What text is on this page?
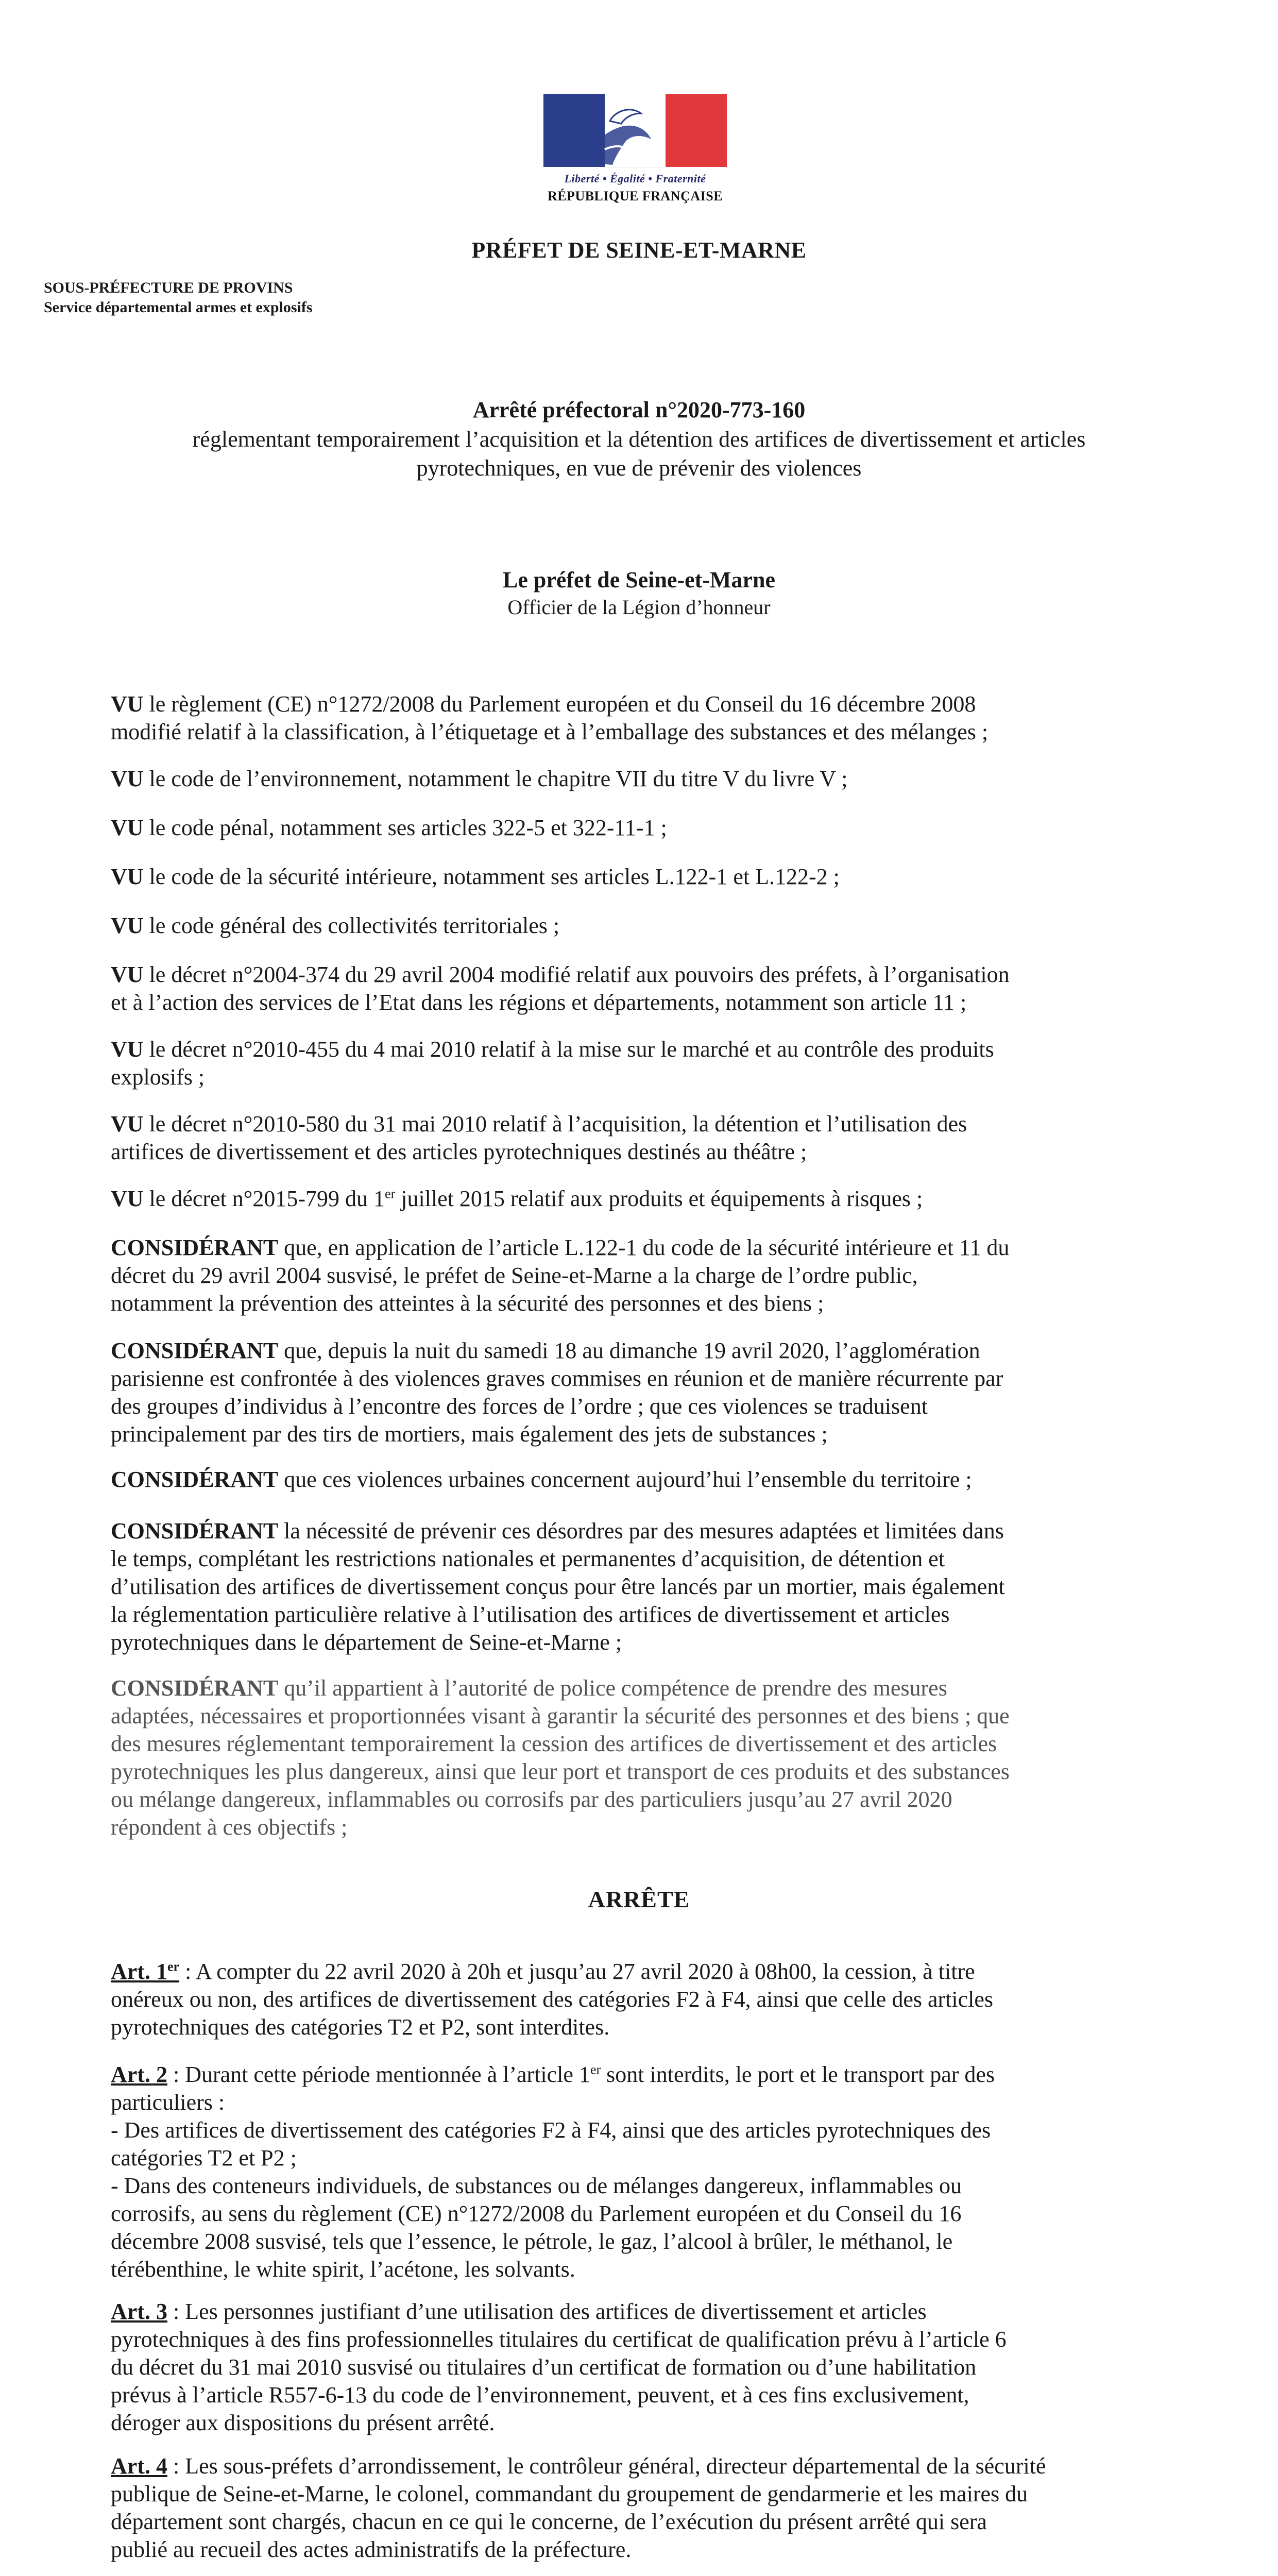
Liberté • Égalité • Fraternité
RÉPUBLIQUE FRANÇAISE
PRÉFET DE SEINE-ET-MARNE
SOUS-PRÉFECTURE DE PROVINS
Service départemental armes et explosifs
Arrêté préfectoral n°2020-773-160
réglementant temporairement l’acquisition et la détention des artifices de divertissement et articles
pyrotechniques, en vue de prévenir des violences
Le préfet de Seine-et-Marne
Officier de la Légion d’honneur
VU le règlement (CE) n°1272/2008 du Parlement européen et du Conseil du 16 décembre 2008
modifié relatif à la classification, à l’étiquetage et à l’emballage des substances et des mélanges ;
VU le code de l’environnement, notamment le chapitre VII du titre V du livre V ;
VU le code pénal, notamment ses articles 322-5 et 322-11-1 ;
VU le code de la sécurité intérieure, notamment ses articles L.122-1 et L.122-2 ;
VU le code général des collectivités territoriales ;
VU le décret n°2004-374 du 29 avril 2004 modifié relatif aux pouvoirs des préfets, à l’organisation
et à l’action des services de l’Etat dans les régions et départements, notamment son article 11 ;
VU le décret n°2010-455 du 4 mai 2010 relatif à la mise sur le marché et au contrôle des produits
explosifs ;
VU le décret n°2010-580 du 31 mai 2010 relatif à l’acquisition, la détention et l’utilisation des
artifices de divertissement et des articles pyrotechniques destinés au théâtre ;
VU le décret n°2015-799 du 1er juillet 2015 relatif aux produits et équipements à risques ;
CONSIDÉRANT que, en application de l’article L.122-1 du code de la sécurité intérieure et 11 du
décret du 29 avril 2004 susvisé, le préfet de Seine-et-Marne a la charge de l’ordre public,
notamment la prévention des atteintes à la sécurité des personnes et des biens ;
CONSIDÉRANT que, depuis la nuit du samedi 18 au dimanche 19 avril 2020, l’agglomération
parisienne est confrontée à des violences graves commises en réunion et de manière récurrente par
des groupes d’individus à l’encontre des forces de l’ordre ; que ces violences se traduisent
principalement par des tirs de mortiers, mais également des jets de substances ;
CONSIDÉRANT que ces violences urbaines concernent aujourd’hui l’ensemble du territoire ;
CONSIDÉRANT la nécessité de prévenir ces désordres par des mesures adaptées et limitées dans
le temps, complétant les restrictions nationales et permanentes d’acquisition, de détention et
d’utilisation des artifices de divertissement conçus pour être lancés par un mortier, mais également
la réglementation particulière relative à l’utilisation des artifices de divertissement et articles
pyrotechniques dans le département de Seine-et-Marne ;
CONSIDÉRANT qu’il appartient à l’autorité de police compétence de prendre des mesures
adaptées, nécessaires et proportionnées visant à garantir la sécurité des personnes et des biens ; que
des mesures réglementant temporairement la cession des artifices de divertissement et des articles
pyrotechniques les plus dangereux, ainsi que leur port et transport de ces produits et des substances
ou mélange dangereux, inflammables ou corrosifs par des particuliers jusqu’au 27 avril 2020
répondent à ces objectifs ;
ARRÊTE
Art. 1er : A compter du 22 avril 2020 à 20h et jusqu’au 27 avril 2020 à 08h00, la cession, à titre
onéreux ou non, des artifices de divertissement des catégories F2 à F4, ainsi que celle des articles
pyrotechniques des catégories T2 et P2, sont interdites.
Art. 2 : Durant cette période mentionnée à l’article 1er sont interdits, le port et le transport par des
particuliers :
- Des artifices de divertissement des catégories F2 à F4, ainsi que des articles pyrotechniques des
catégories T2 et P2 ;
- Dans des conteneurs individuels, de substances ou de mélanges dangereux, inflammables ou
corrosifs, au sens du règlement (CE) n°1272/2008 du Parlement européen et du Conseil du 16
décembre 2008 susvisé, tels que l’essence, le pétrole, le gaz, l’alcool à brûler, le méthanol, le
térébenthine, le white spirit, l’acétone, les solvants.
Art. 3 : Les personnes justifiant d’une utilisation des artifices de divertissement et articles
pyrotechniques à des fins professionnelles titulaires du certificat de qualification prévu à l’article 6
du décret du 31 mai 2010 susvisé ou titulaires d’un certificat de formation ou d’une habilitation
prévus à l’article R557-6-13 du code de l’environnement, peuvent, et à ces fins exclusivement,
déroger aux dispositions du présent arrêté.
Art. 4 : Les sous-préfets d’arrondissement, le contrôleur général, directeur départemental de la sécurité
publique de Seine-et-Marne, le colonel, commandant du groupement de gendarmerie et les maires du
département sont chargés, chacun en ce qui le concerne, de l’exécution du présent arrêté qui sera
publié au recueil des actes administratifs de la préfecture.
